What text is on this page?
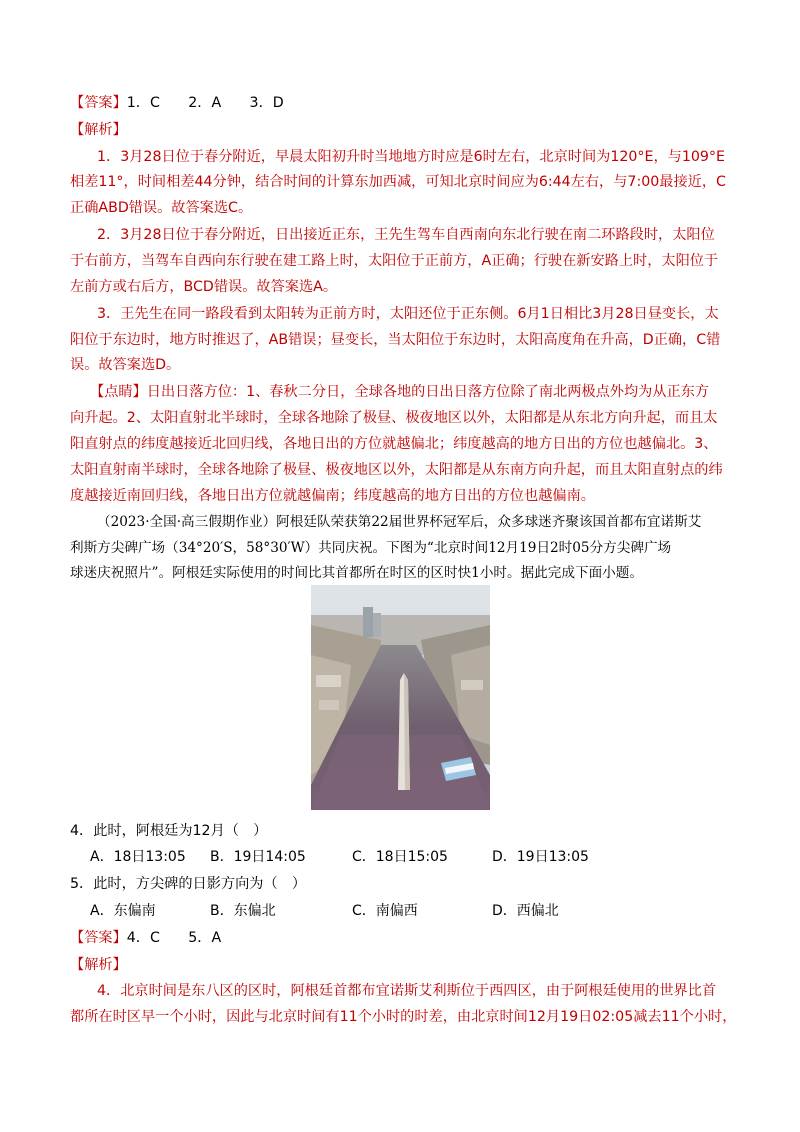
【答案】1．C　　2．A　　3．D
【解析】
1．3月28日位于春分附近，早晨太阳初升时当地地方时应是6时左右，北京时间为120°E，与109°E
相差11°，时间相差44分钟，结合时间的计算东加西减，可知北京时间应为6:44左右，与7:00最接近，C
正确ABD错误。故答案选C。
2．3月28日位于春分附近，日出接近正东，王先生驾车自西南向东北行驶在南二环路段时，太阳位
于右前方，当驾车自西向东行驶在建工路上时，太阳位于正前方，A正确；行驶在新安路上时，太阳位于
左前方或右后方，BCD错误。故答案选A。
3．王先生在同一路段看到太阳转为正前方时，太阳还位于正东侧。6月1日相比3月28日昼变长，太
阳位于东边时，地方时推迟了，AB错误；昼变长，当太阳位于东边时，太阳高度角在升高，D正确，C错
误。故答案选D。
【点睛】日出日落方位：1、春秋二分日，全球各地的日出日落方位除了南北两极点外均为从正东方
向升起。2、太阳直射北半球时，全球各地除了极昼、极夜地区以外，太阳都是从东北方向升起，而且太
阳直射点的纬度越接近北回归线，各地日出的方位就越偏北；纬度越高的地方日出的方位也越偏北。3、
太阳直射南半球时，全球各地除了极昼、极夜地区以外，太阳都是从东南方向升起，而且太阳直射点的纬
度越接近南回归线，各地日出方位就越偏南；纬度越高的地方日出的方位也越偏南。
（2023·全国·高三假期作业）阿根廷队荣获第22届世界杯冠军后，众多球迷齐聚该国首都布宜诺斯艾
利斯方尖碑广场（34°20′S，58°30′W）共同庆祝。下图为“北京时间12月19日2时05分方尖碑广场
球迷庆祝照片”。阿根廷实际使用的时间比其首都所在时区的区时快1小时。据此完成下面小题。
4．此时，阿根廷为12月（　）
A．18日13:05 B．19日14:05	C．18日15:05	D．19日13:05
5．此时，方尖碑的日影方向为（　）
A．东偏南	B．东偏北	C．南偏西	D．西偏北
【答案】4．C　　5．A
【解析】
4．北京时间是东八区的区时，阿根廷首都布宜诺斯艾利斯位于西四区，由于阿根廷使用的世界比首
都所在时区早一个小时，因此与北京时间有11个小时的时差，由北京时间12月19日02:05减去11个小时，
